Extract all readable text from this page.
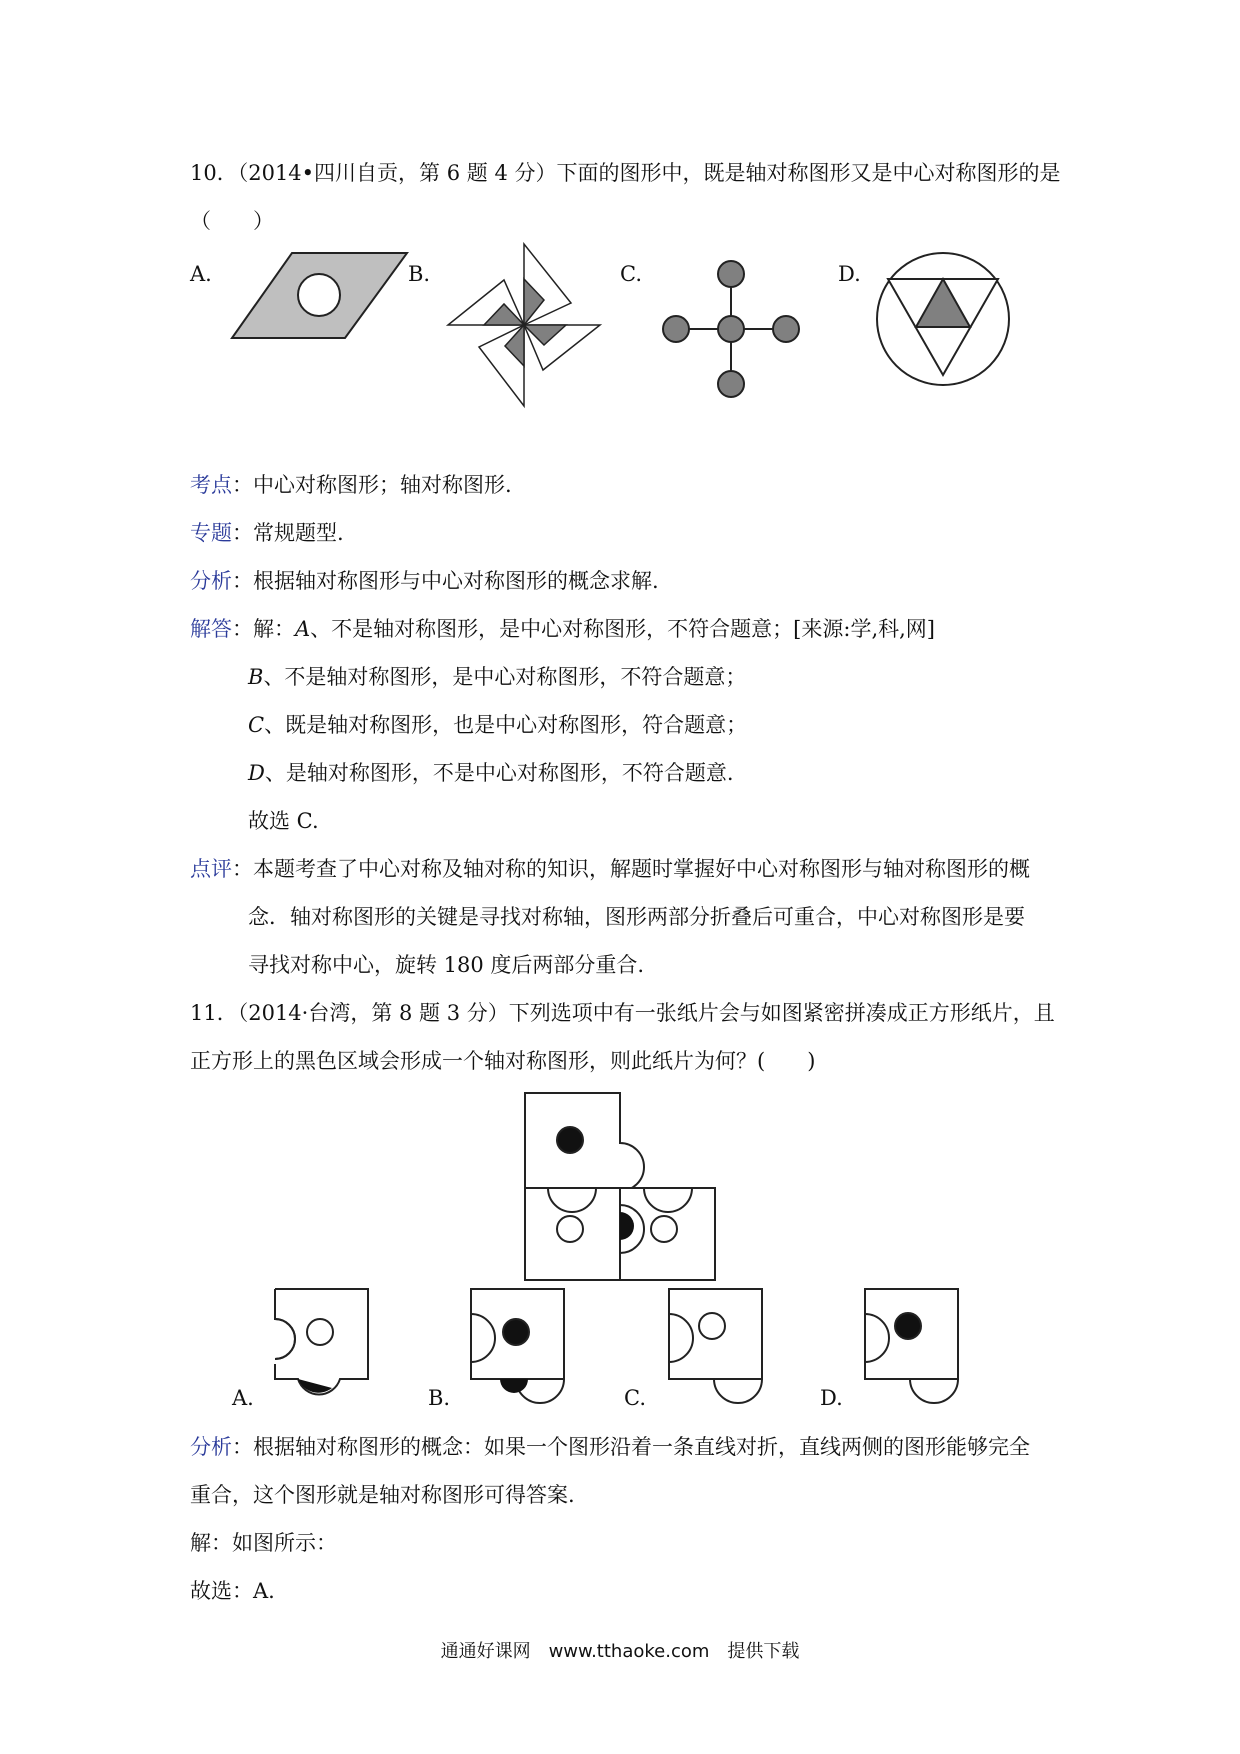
10．（2014•四川自贡，第 6 题 4 分）下面的图形中，既是轴对称图形又是中心对称图形的是
（　　）
A.	B.	C.	D.
考点：中心对称图形；轴对称图形.
专题：常规题型.
分析：根据轴对称图形与中心对称图形的概念求解.
解答：解：A、不是轴对称图形，是中心对称图形，不符合题意；[来源:学,科,网]
B、不是轴对称图形，是中心对称图形，不符合题意；
C、既是轴对称图形，也是中心对称图形，符合题意；
D、是轴对称图形，不是中心对称图形，不符合题意.
故选 C.
点评：本题考查了中心对称及轴对称的知识，解题时掌握好中心对称图形与轴对称图形的概
念．轴对称图形的关键是寻找对称轴，图形两部分折叠后可重合，中心对称图形是要
寻找对称中心，旋转 180 度后两部分重合.
11．（2014·台湾，第 8 题 3 分）下列选项中有一张纸片会与如图紧密拼凑成正方形纸片，且
正方形上的黑色区域会形成一个轴对称图形，则此纸片为何？(　　)
A.	B.	C.	D.
分析：根据轴对称图形的概念：如果一个图形沿着一条直线对折，直线两侧的图形能够完全
重合，这个图形就是轴对称图形可得答案.
解：如图所示：
故选：A.
通通好课网　www.tthaoke.com　提供下载
